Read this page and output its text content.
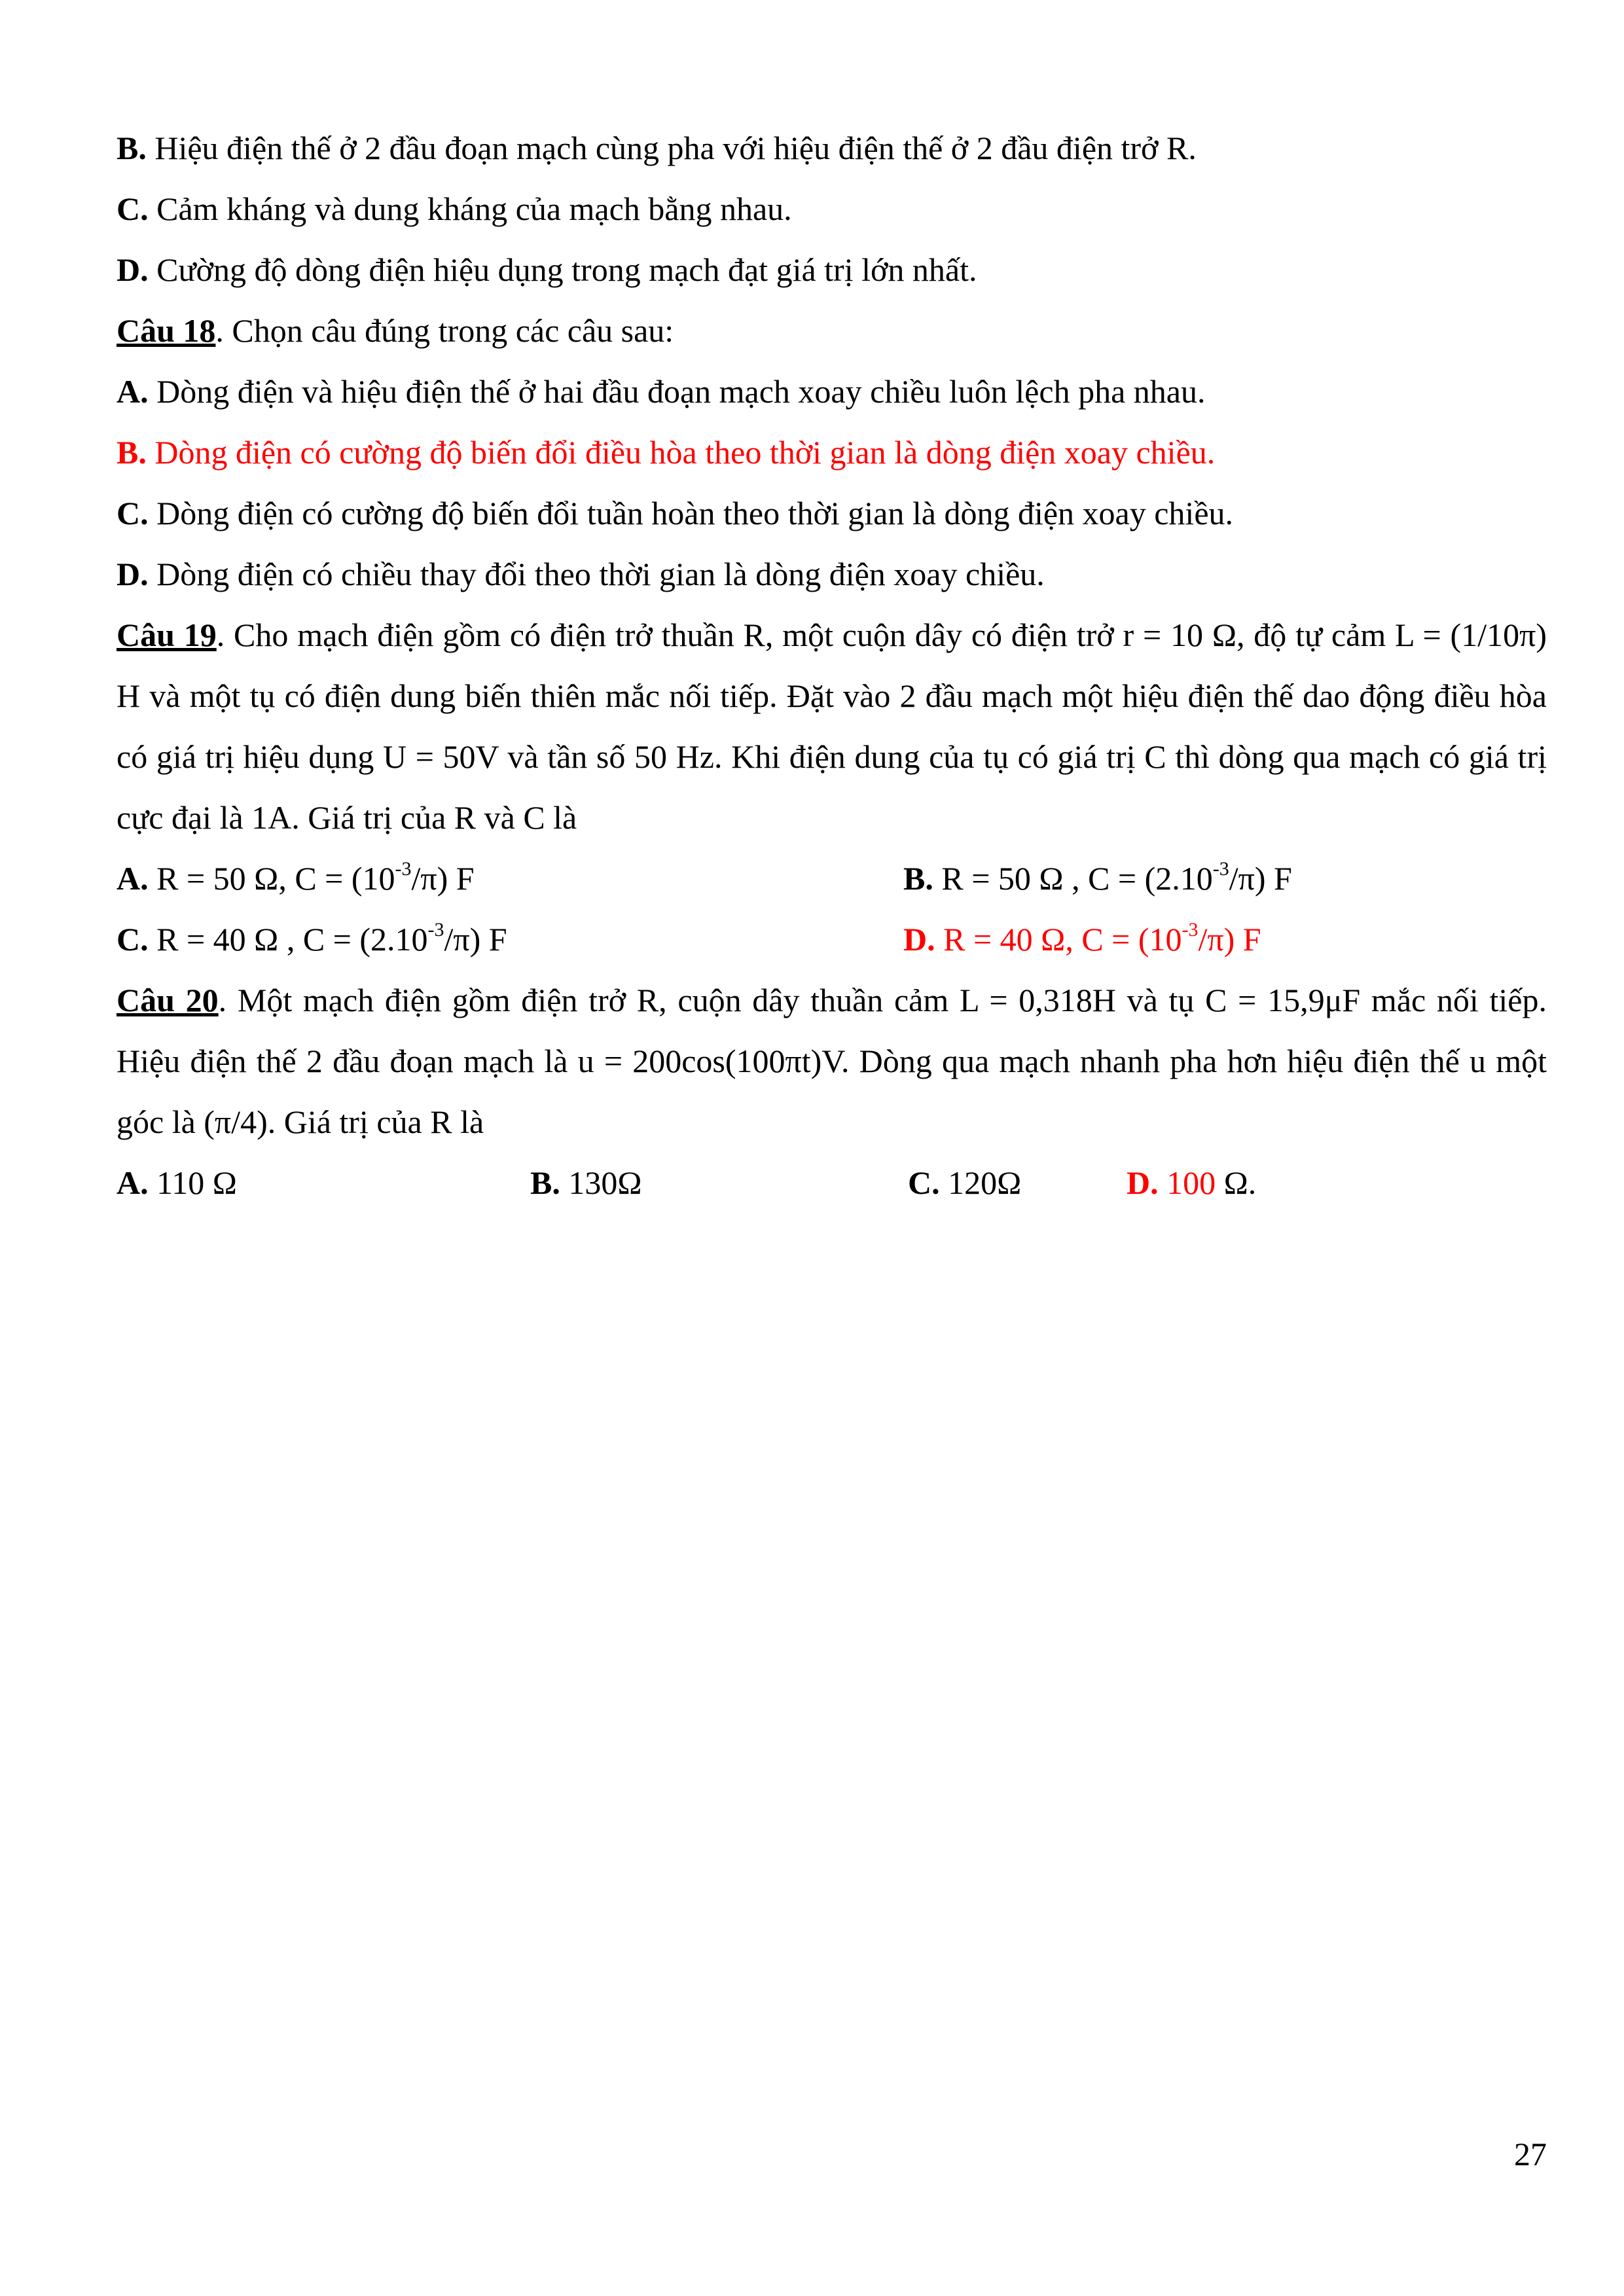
B. Hiệu điện thế ở 2 đầu đoạn mạch cùng pha với hiệu điện thế ở 2 đầu điện trở R.
C. Cảm kháng và dung kháng của mạch bằng nhau.
D. Cường độ dòng điện hiệu dụng trong mạch đạt giá trị lớn nhất.
Câu 18. Chọn câu đúng trong các câu sau:
A. Dòng điện và hiệu điện thế ở hai đầu đoạn mạch xoay chiều luôn lệch pha nhau.
B. Dòng điện có cường độ biến đổi điều hòa theo thời gian là dòng điện xoay chiều.
C. Dòng điện có cường độ biến đổi tuần hoàn theo thời gian là dòng điện xoay chiều.
D. Dòng điện có chiều thay đổi theo thời gian là dòng điện xoay chiều.
Câu 19. Cho mạch điện gồm có điện trở thuần R, một cuộn dây có điện trở r = 10 Ω, độ tự cảm L = (1/10π) H và một tụ có điện dung biến thiên mắc nối tiếp. Đặt vào 2 đầu mạch một hiệu điện thế dao động điều hòa có giá trị hiệu dụng U = 50V và tần số 50 Hz. Khi điện dung của tụ có giá trị C thì dòng qua mạch có giá trị cực đại là 1A. Giá trị của R và C là
A. R = 50 Ω, $C = (10^{-3}/\pi)$ F	B. R = 50 Ω , $C = (2.10^{-3}/\pi)$ F
C. R = 40 Ω , $C = (2.10^{-3}/\pi)$ F	D. R = 40 Ω, $C = (10^{-3}/\pi)$ F
Câu 20. Một mạch điện gồm điện trở R, cuộn dây thuần cảm L = 0,318H và tụ C = 15,9μF mắc nối tiếp. Hiệu điện thế 2 đầu đoạn mạch là u = 200cos(100πt)V. Dòng qua mạch nhanh pha hơn hiệu điện thế u một góc là (π/4). Giá trị của R là
A. 110 Ω	B. 130Ω	C. 120Ω	D. 100 Ω.
27
